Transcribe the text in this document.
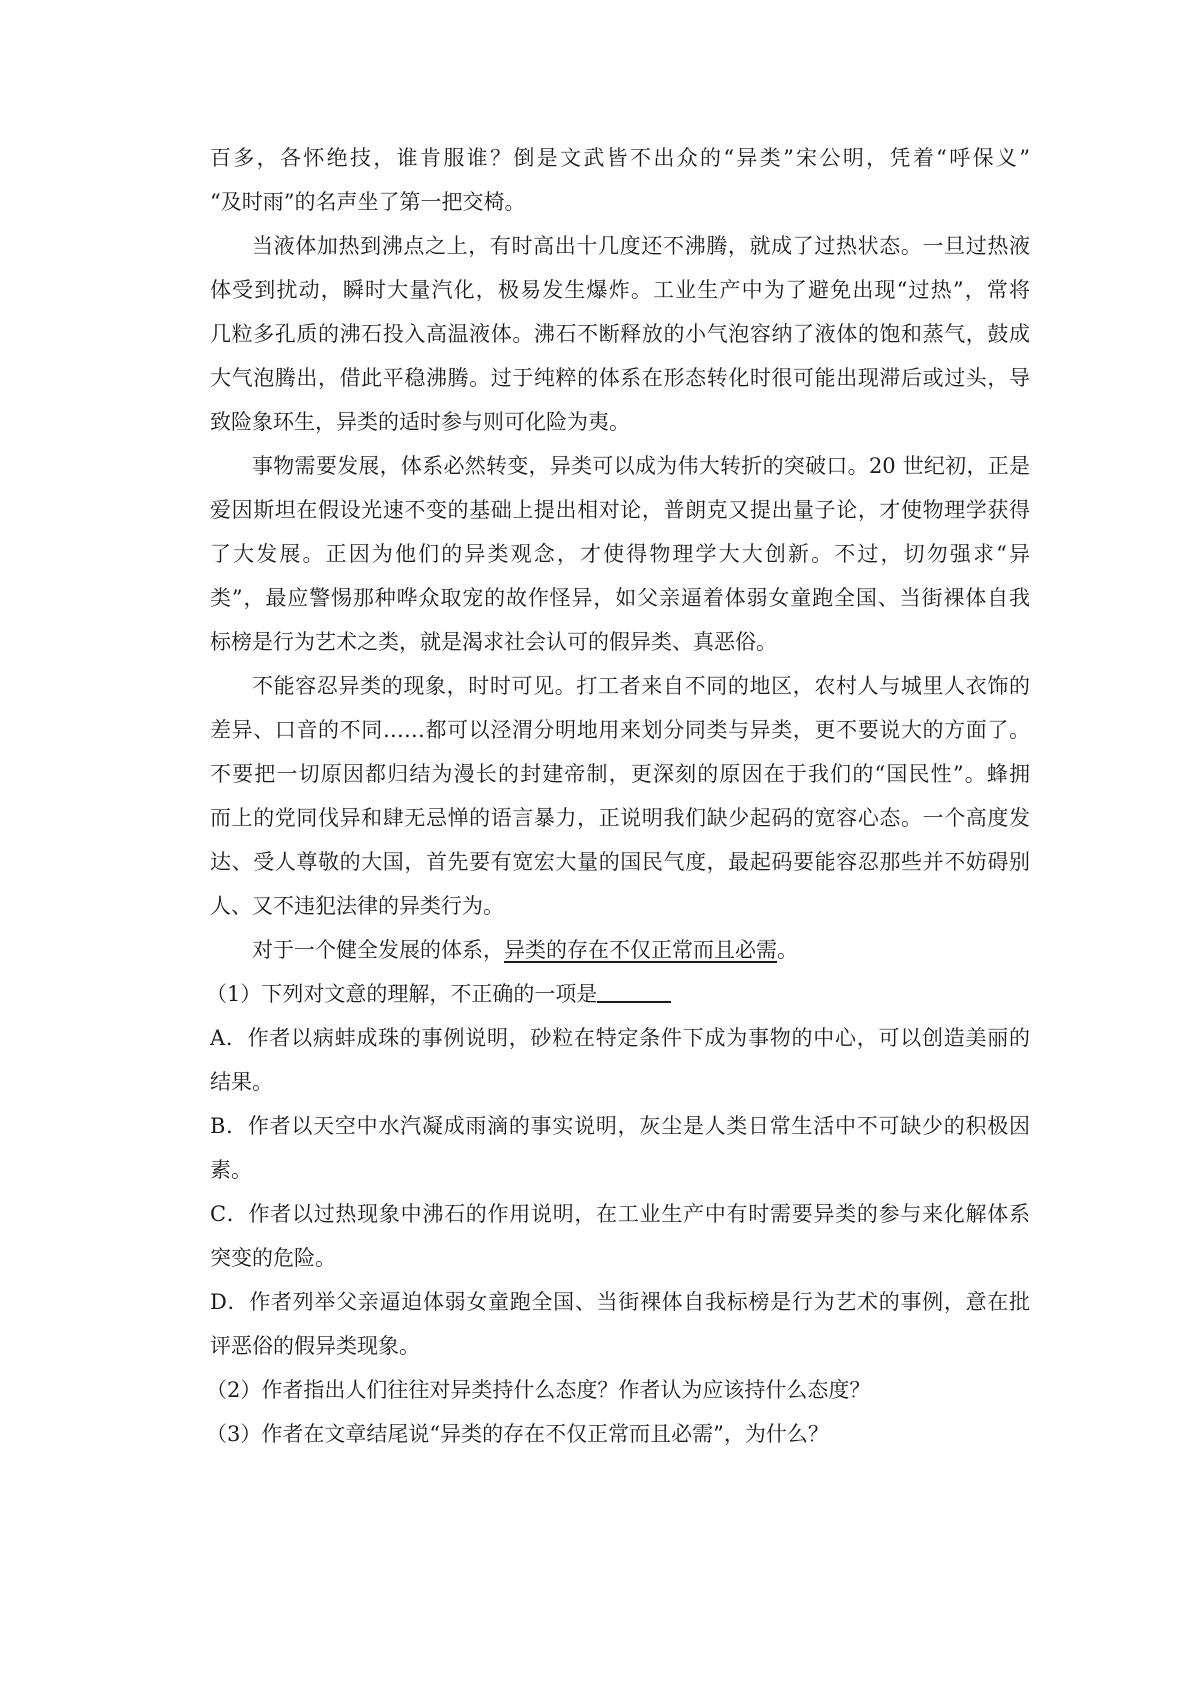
百多，各怀绝技，谁肯服谁？倒是文武皆不出众的“异类”宋公明，凭着“呼保义”
“及时雨”的名声坐了第一把交椅。
当液体加热到沸点之上，有时高出十几度还不沸腾，就成了过热状态。一旦过热液
体受到扰动，瞬时大量汽化，极易发生爆炸。工业生产中为了避免出现“过热”，常将
几粒多孔质的沸石投入高温液体。沸石不断释放的小气泡容纳了液体的饱和蒸气，鼓成
大气泡腾出，借此平稳沸腾。过于纯粹的体系在形态转化时很可能出现滞后或过头，导
致险象环生，异类的适时参与则可化险为夷。
事物需要发展，体系必然转变，异类可以成为伟大转折的突破口。20 世纪初，正是
爱因斯坦在假设光速不变的基础上提出相对论，普朗克又提出量子论，才使物理学获得
了大发展。正因为他们的异类观念，才使得物理学大大创新。不过，切勿强求“异
类”，最应警惕那种哗众取宠的故作怪异，如父亲逼着体弱女童跑全国、当街裸体自我
标榜是行为艺术之类，就是渴求社会认可的假异类、真恶俗。
不能容忍异类的现象，时时可见。打工者来自不同的地区，农村人与城里人衣饰的
差异、口音的不同……都可以泾渭分明地用来划分同类与异类，更不要说大的方面了。
不要把一切原因都归结为漫长的封建帝制，更深刻的原因在于我们的“国民性”。蜂拥
而上的党同伐异和肆无忌惮的语言暴力，正说明我们缺少起码的宽容心态。一个高度发
达、受人尊敬的大国，首先要有宽宏大量的国民气度，最起码要能容忍那些并不妨碍别
人、又不违犯法律的异类行为。
对于一个健全发展的体系，异类的存在不仅正常而且必需。
（1）下列对文意的理解，不正确的一项是
A．作者以病蚌成珠的事例说明，砂粒在特定条件下成为事物的中心，可以创造美丽的
结果。
B．作者以天空中水汽凝成雨滴的事实说明，灰尘是人类日常生活中不可缺少的积极因
素。
C．作者以过热现象中沸石的作用说明，在工业生产中有时需要异类的参与来化解体系
突变的危险。
D．作者列举父亲逼迫体弱女童跑全国、当街裸体自我标榜是行为艺术的事例，意在批
评恶俗的假异类现象。
（2）作者指出人们往往对异类持什么态度？作者认为应该持什么态度？
（3）作者在文章结尾说“异类的存在不仅正常而且必需”，为什么？
